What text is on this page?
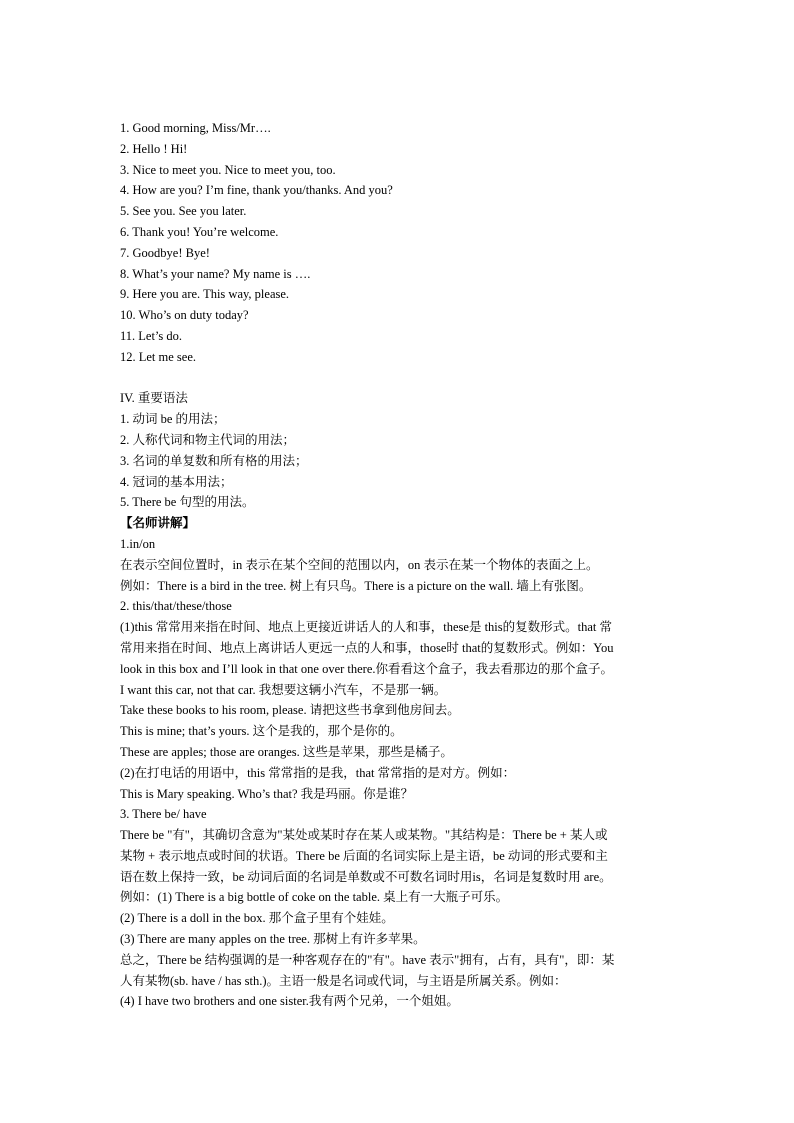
1. Good morning, Miss/Mr….
2. Hello ! Hi!
3. Nice to meet you. Nice to meet you, too.
4. How are you? I’m fine, thank you/thanks. And you?
5. See you. See you later.
6. Thank you! You’re welcome.
7. Goodbye! Bye!
8. What’s your name? My name is ….
9. Here you are. This way, please.
10. Who’s on duty today?
11. Let’s do.
12. Let me see.
IV. 重要语法
1. 动词 be 的用法；
2. 人称代词和物主代词的用法；
3. 名词的单复数和所有格的用法；
4. 冠词的基本用法；
5. There be 句型的用法。
【名师讲解】
1.in/on
在表示空间位置时，in 表示在某个空间的范围以内，on 表示在某一个物体的表面之上。
例如：There is a bird in the tree. 树上有只鸟。There is a picture on the wall. 墙上有张图。
2. this/that/these/those
(1)this 常常用来指在时间、地点上更接近讲话人的人和事，these是 this的复数形式。that 常
常用来指在时间、地点上离讲话人更远一点的人和事，those时 that的复数形式。例如：You
look in this box and I’ll look in that one over there.你看看这个盒子，我去看那边的那个盒子。
I want this car, not that car. 我想要这辆小汽车，不是那一辆。
Take these books to his room, please. 请把这些书拿到他房间去。
This is mine; that’s yours. 这个是我的，那个是你的。
These are apples; those are oranges. 这些是苹果，那些是橘子。
(2)在打电话的用语中，this 常常指的是我，that 常常指的是对方。例如：
This is Mary speaking. Who’s that? 我是玛丽。你是谁？
3. There be/ have
There be "有"，其确切含意为"某处或某时存在某人或某物。"其结构是：There be + 某人或
某物 + 表示地点或时间的状语。There be 后面的名词实际上是主语，be 动词的形式要和主
语在数上保持一致，be 动词后面的名词是单数或不可数名词时用is，名词是复数时用 are。
例如：(1) There is a big bottle of coke on the table. 桌上有一大瓶子可乐。
(2) There is a doll in the box. 那个盒子里有个娃娃。
(3) There are many apples on the tree. 那树上有许多苹果。
总之，There be 结构强调的是一种客观存在的"有"。have 表示"拥有，占有，具有"，即：某
人有某物(sb. have / has sth.)。主语一般是名词或代词，与主语是所属关系。例如：
(4) I have two brothers and one sister.我有两个兄弟，一个姐姐。
